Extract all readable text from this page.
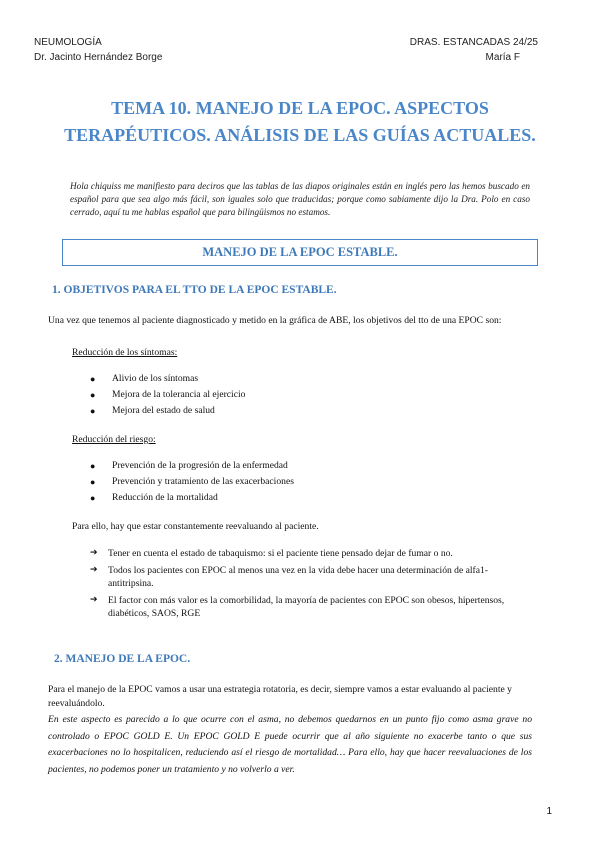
NEUMOLOGÍA
Dr. Jacinto Hernández Borge
DRAS. ESTANCADAS 24/25
María F
TEMA 10. MANEJO DE LA EPOC. ASPECTOS TERAPÉUTICOS. ANÁLISIS DE LAS GUÍAS ACTUALES.

Hola chiquiss me manifiesto para deciros que las tablas de las diapos originales están en inglés pero las hemos buscado en español para que sea algo más fácil, son iguales solo que traducidas; porque como sabiamente dijo la Dra. Polo en caso cerrado, aquí tu me hablas español que para bilingüismos no estamos.

MANEJO DE LA EPOC ESTABLE.
1. OBJETIVOS PARA EL TTO DE LA EPOC ESTABLE.

Una vez que tenemos al paciente diagnosticado y metido en la gráfica de ABE, los objetivos del tto de una EPOC son:

Reducción de los síntomas:

● Alivio de los síntomas
● Mejora de la tolerancia al ejercicio
● Mejora del estado de salud

Reducción del riesgo:

● Prevención de la progresión de la enfermedad
● Prevención y tratamiento de las exacerbaciones
● Reducción de la mortalidad

Para ello, hay que estar constantemente reevaluando al paciente.

➔ Tener en cuenta el estado de tabaquismo: si el paciente tiene pensado dejar de fumar o no.
➔ Todos los pacientes con EPOC al menos una vez en la vida debe hacer una determinación de alfa1-antitripsina.
➔ El factor con más valor es la comorbilidad, la mayoría de pacientes con EPOC son obesos, hipertensos, diabéticos, SAOS, RGE
2. MANEJO DE LA EPOC.

Para el manejo de la EPOC vamos a usar una estrategia rotatoria, es decir, siempre vamos a estar evaluando al paciente y reevaluándolo.

En este aspecto es parecido a lo que ocurre con el asma, no debemos quedarnos en un punto fijo como asma grave no controlado o EPOC GOLD E. Un EPOC GOLD E puede ocurrir que al año siguiente no exacerbe tanto o que sus exacerbaciones no lo hospitalicen, reduciendo así el riesgo de mortalidad… Para ello, hay que hacer reevaluaciones de los pacientes, no podemos poner un tratamiento y no volverlo a ver.

1
